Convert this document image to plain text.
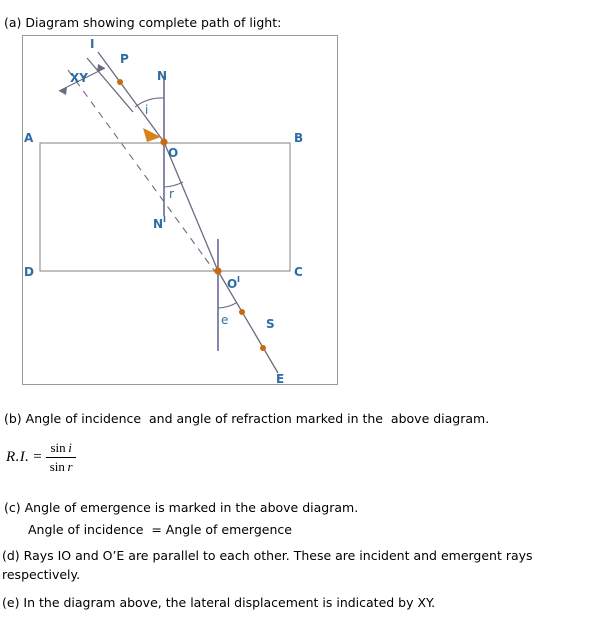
(a) Diagram showing complete path of light:
I
P
N
i
A	B
O
r
N I
D	C
O I
e	S
E
XY
(b) Angle of incidence  and angle of refraction marked in the  above diagram.
R.I. = $\frac{\text{sin  i}}{\text{sin  r}}$
(c) Angle of emergence is marked in the above diagram.
Angle of incidence  = Angle of emergence
(d) Rays IO and O’E are parallel to each other. These are incident and emergent rays respectively.
(e) In the diagram above, the lateral displacement is indicated by XY.
